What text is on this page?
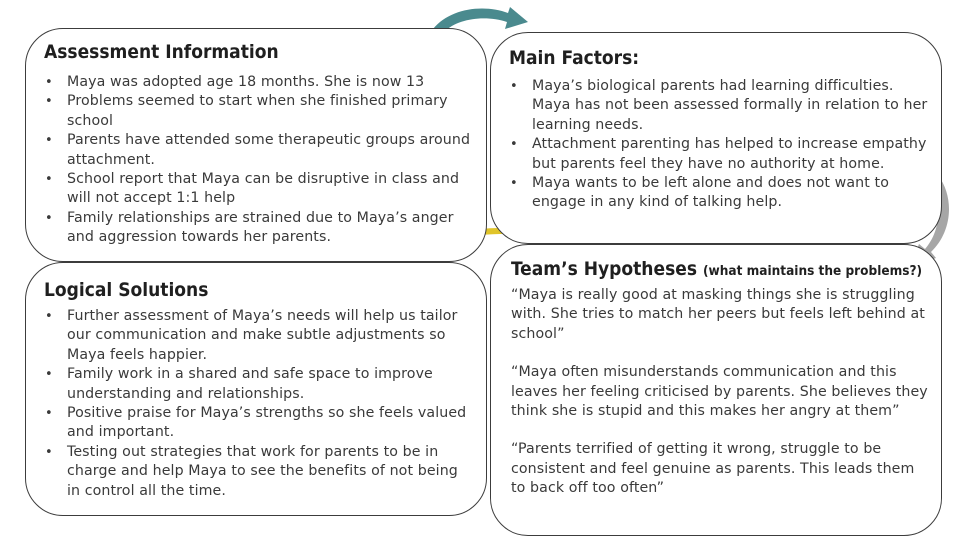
Assessment Information
• Maya was adopted age 18 months. She is now 13
• Problems seemed to start when she finished primary school
• Parents have attended some therapeutic groups around attachment.
• School report that Maya can be disruptive in class and will not accept 1:1 help
• Family relationships are strained due to Maya’s anger and aggression towards her parents.
Main Factors:
• Maya’s biological parents had learning difficulties. Maya has not been assessed formally in relation to her learning needs.
• Attachment parenting has helped to increase empathy but parents feel they have no authority at home.
• Maya wants to be left alone and does not want to engage in any kind of talking help.
Logical Solutions
• Further assessment of Maya’s needs will help us tailor our communication and make subtle adjustments so Maya feels happier.
• Family work in a shared and safe space to improve understanding and relationships.
• Positive praise for Maya’s strengths so she feels valued and important.
• Testing out strategies that work for parents to be in charge and help Maya to see the benefits of not being in control all the time.
Team’s Hypotheses (what maintains the problems?)

“Maya is really good at masking things she is struggling with. She tries to match her peers but feels left behind at school”

“Maya often misunderstands communication and this leaves her feeling criticised by parents. She believes they think she is stupid and this makes her angry at them”

“Parents terrified of getting it wrong, struggle to be consistent and feel genuine as parents. This leads them to back off too often”
